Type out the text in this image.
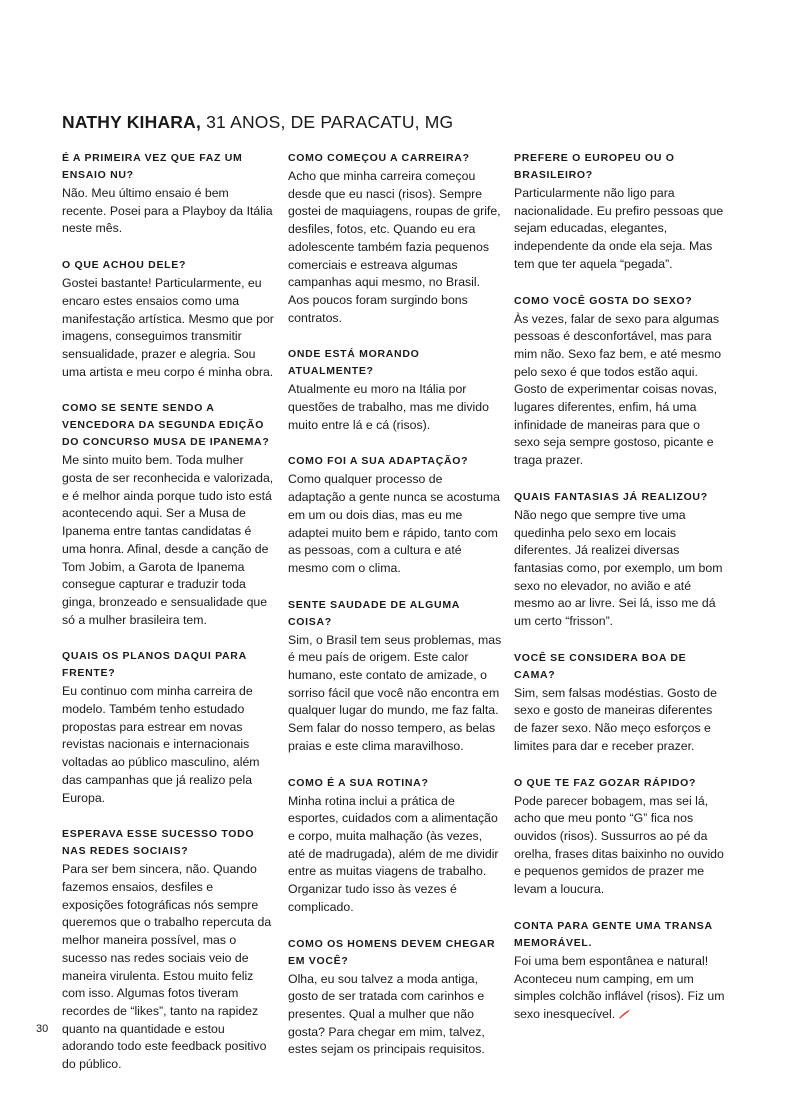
NATHY KIHARA, 31 ANOS, DE PARACATU, MG

É A PRIMEIRA VEZ QUE FAZ UM ENSAIO NU?

Não. Meu último ensaio é bem recente. Posei para a Playboy da Itália neste mês.

O QUE ACHOU DELE?

Gostei bastante! Particularmente, eu encaro estes ensaios como uma manifestação artística. Mesmo que por imagens, conseguimos transmitir sensualidade, prazer e alegria. Sou uma artista e meu corpo é minha obra.

COMO SE SENTE SENDO A VENCEDORA DA SEGUNDA EDIÇÃO DO CONCURSO MUSA DE IPANEMA?

Me sinto muito bem. Toda mulher gosta de ser reconhecida e valorizada, e é melhor ainda porque tudo isto está acontecendo aqui. Ser a Musa de Ipanema entre tantas candidatas é uma honra. Afinal, desde a canção de Tom Jobim, a Garota de Ipanema consegue capturar e traduzir toda ginga, bronzeado e sensualidade que só a mulher brasileira tem.

QUAIS OS PLANOS DAQUI PARA FRENTE?

Eu continuo com minha carreira de modelo. Também tenho estudado propostas para estrear em novas revistas nacionais e internacionais voltadas ao público masculino, além das campanhas que já realizo pela Europa.

ESPERAVA ESSE SUCESSO TODO NAS REDES SOCIAIS?

Para ser bem sincera, não. Quando fazemos ensaios, desfiles e exposições fotográficas nós sempre queremos que o trabalho repercuta da melhor maneira possível, mas o sucesso nas redes sociais veio de maneira virulenta. Estou muito feliz com isso. Algumas fotos tiveram recordes de “likes”, tanto na rapidez quanto na quantidade e estou adorando todo este feedback positivo do público.

COMO COMEÇOU A CARREIRA?

Acho que minha carreira começou desde que eu nasci (risos). Sempre gostei de maquiagens, roupas de grife, desfiles, fotos, etc. Quando eu era adolescente também fazia pequenos comerciais e estreava algumas campanhas aqui mesmo, no Brasil. Aos poucos foram surgindo bons contratos.

ONDE ESTÁ MORANDO ATUALMENTE?

Atualmente eu moro na Itália por questões de trabalho, mas me divido muito entre lá e cá (risos).

COMO FOI A SUA ADAPTAÇÃO?

Como qualquer processo de adaptação a gente nunca se acostuma em um ou dois dias, mas eu me adaptei muito bem e rápido, tanto com as pessoas, com a cultura e até mesmo com o clima.

SENTE SAUDADE DE ALGUMA COISA?

Sim, o Brasil tem seus problemas, mas é meu país de origem. Este calor humano, este contato de amizade, o sorriso fácil que você não encontra em qualquer lugar do mundo, me faz falta. Sem falar do nosso tempero, as belas praias e este clima maravilhoso.

COMO É A SUA ROTINA?

Minha rotina inclui a prática de esportes, cuidados com a alimentação e corpo, muita malhação (às vezes, até de madrugada), além de me dividir entre as muitas viagens de trabalho. Organizar tudo isso às vezes é complicado.

COMO OS HOMENS DEVEM CHEGAR EM VOCÊ?

Olha, eu sou talvez a moda antiga, gosto de ser tratada com carinhos e presentes. Qual a mulher que não gosta? Para chegar em mim, talvez, estes sejam os principais requisitos.

PREFERE O EUROPEU OU O BRASILEIRO?

Particularmente não ligo para nacionalidade. Eu prefiro pessoas que sejam educadas, elegantes, independente da onde ela seja. Mas tem que ter aquela “pegada”.

COMO VOCÊ GOSTA DO SEXO?

Às vezes, falar de sexo para algumas pessoas é desconfortável, mas para mim não. Sexo faz bem, e até mesmo pelo sexo é que todos estão aqui. Gosto de experimentar coisas novas, lugares diferentes, enfim, há uma infinidade de maneiras para que o sexo seja sempre gostoso, picante e traga prazer.

QUAIS FANTASIAS JÁ REALIZOU?

Não nego que sempre tive uma quedinha pelo sexo em locais diferentes. Já realizei diversas fantasias como, por exemplo, um bom sexo no elevador, no avião e até mesmo ao ar livre. Sei lá, isso me dá um certo “frisson”.

VOCÊ SE CONSIDERA BOA DE CAMA?

Sim, sem falsas modéstias. Gosto de sexo e gosto de maneiras diferentes de fazer sexo. Não meço esforços e limites para dar e receber prazer.

O QUE TE FAZ GOZAR RÁPIDO?

Pode parecer bobagem, mas sei lá, acho que meu ponto “G” fica nos ouvidos (risos). Sussurros ao pé da orelha, frases ditas baixinho no ouvido e pequenos gemidos de prazer me levam a loucura.

CONTA PARA GENTE UMA TRANSA MEMORÁVEL.

Foi uma bem espontânea e natural! Aconteceu num camping, em um simples colchão inflável (risos). Fiz um sexo inesquecível.

30
